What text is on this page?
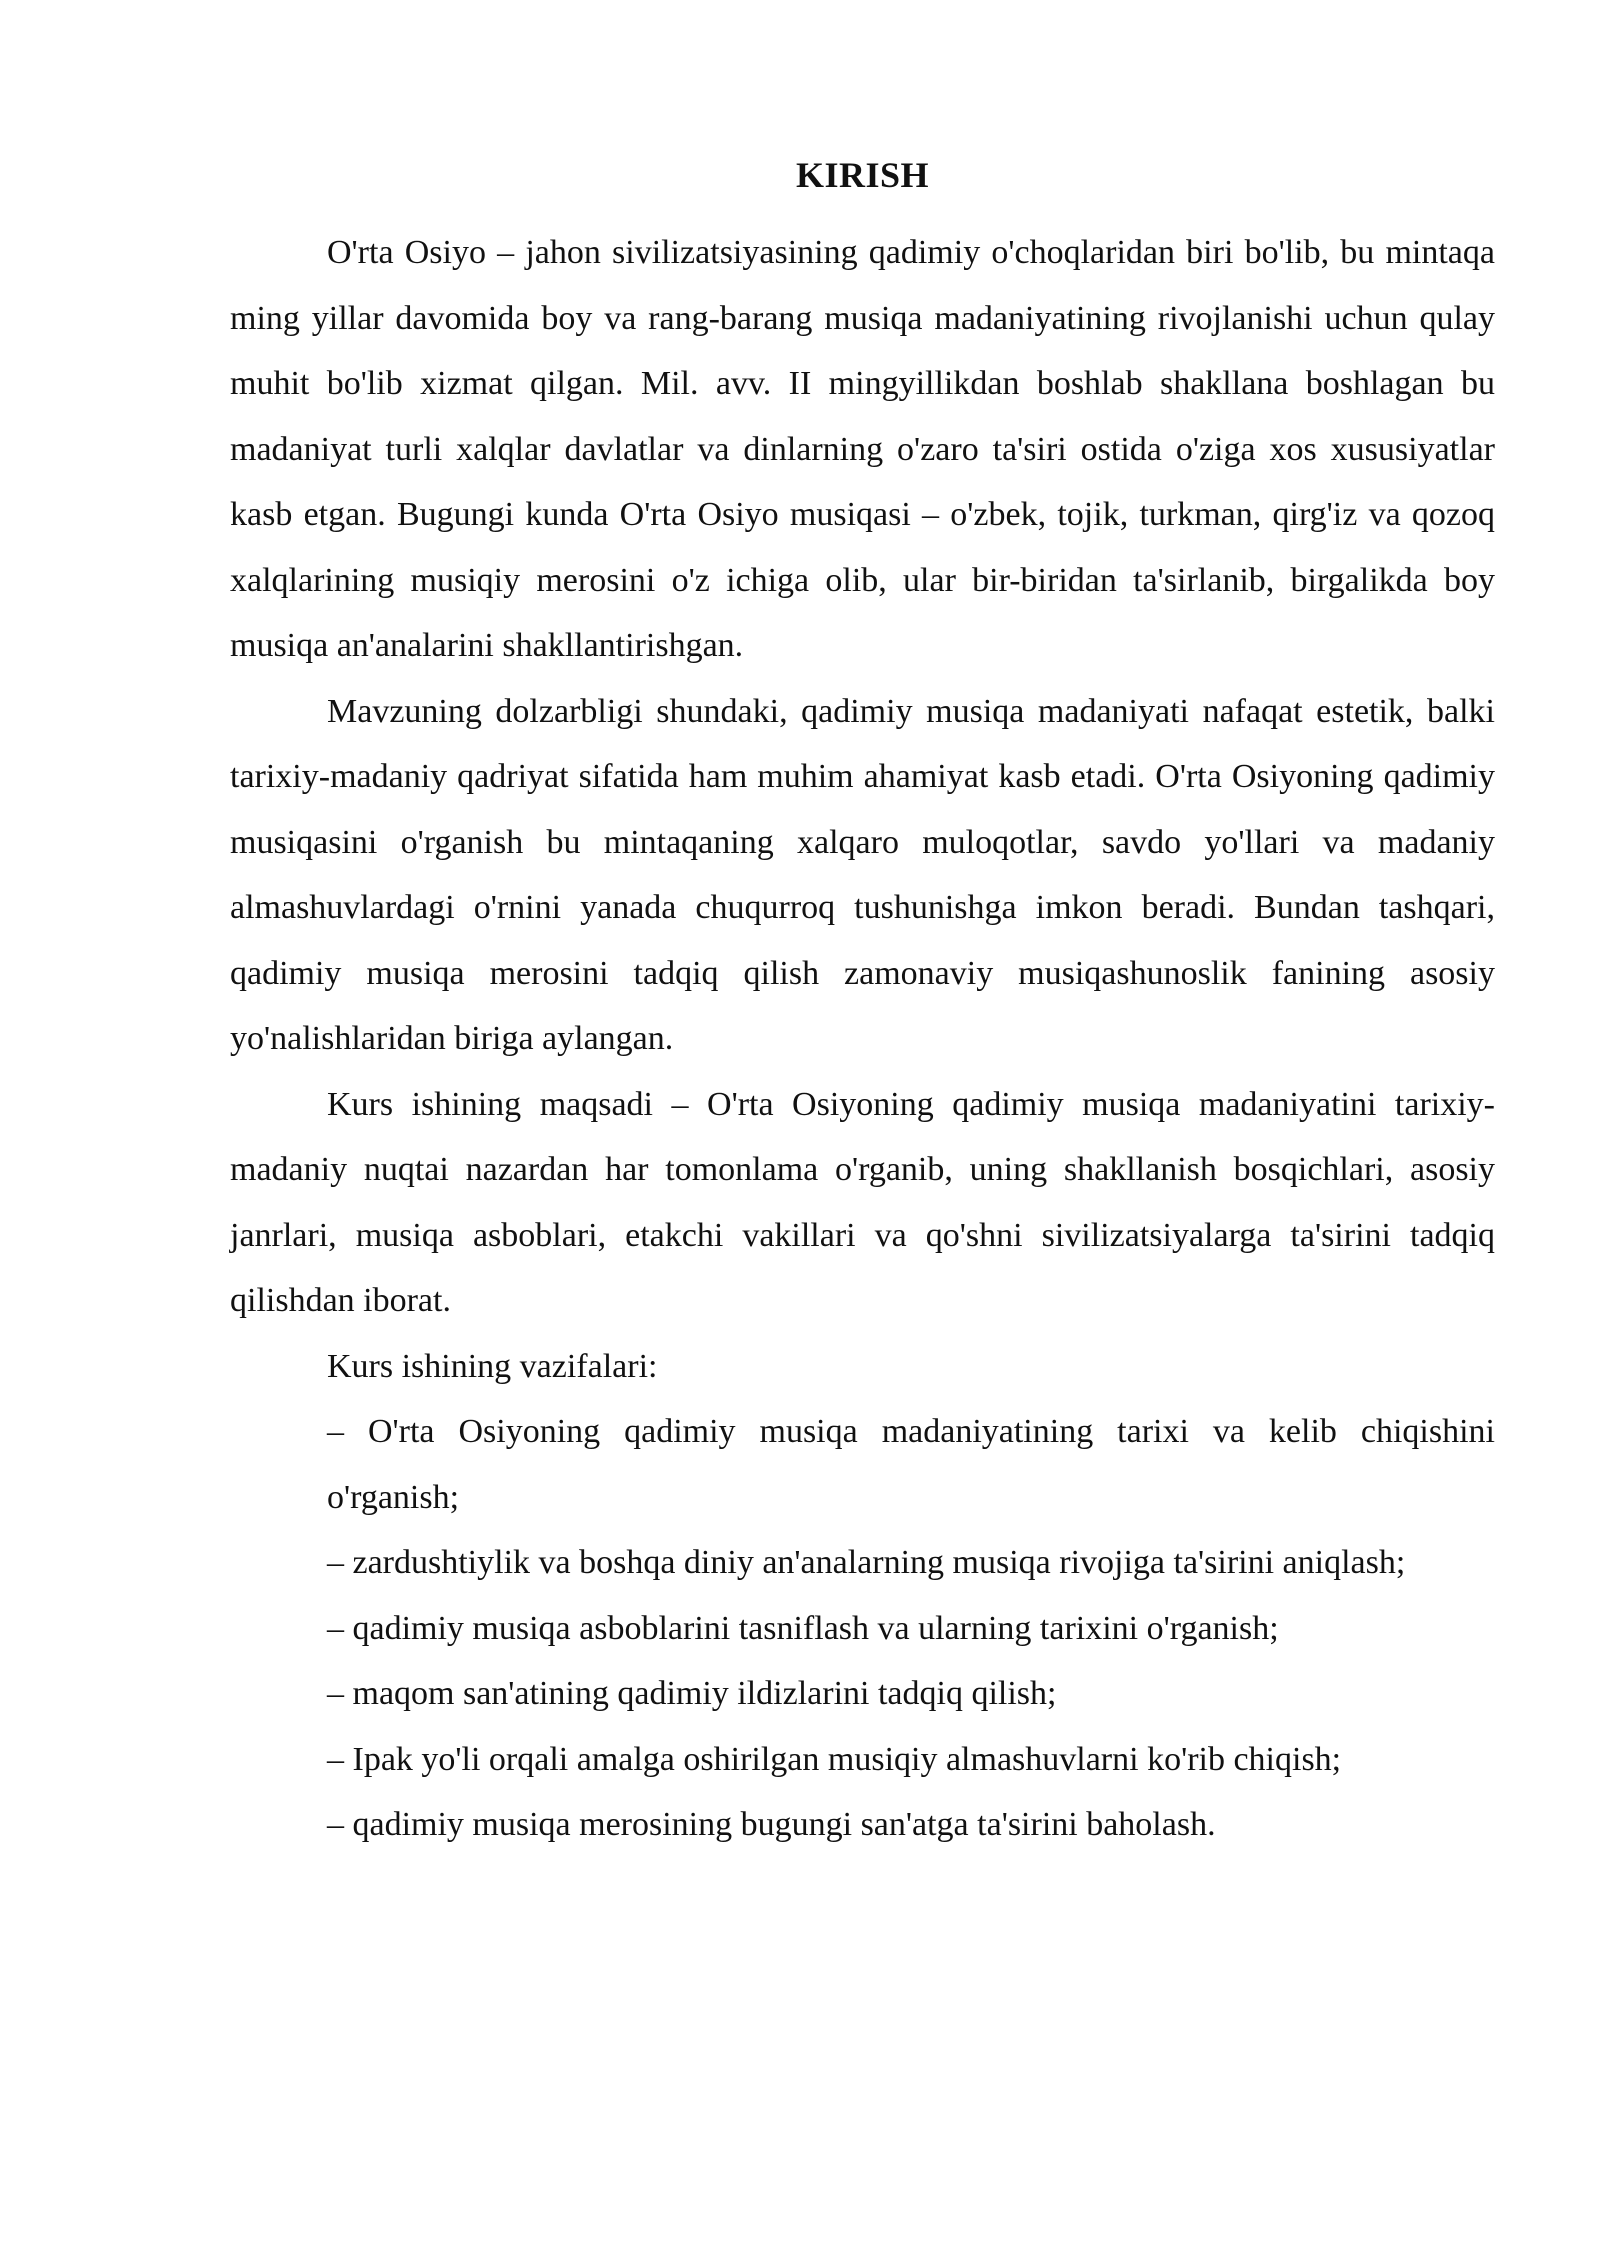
KIRISH

O'rta Osiyo – jahon sivilizatsiyasining qadimiy o'choqlaridan biri bo'lib, bu mintaqa ming yillar davomida boy va rang-barang musiqa madaniyatining rivojlanishi uchun qulay muhit bo'lib xizmat qilgan. Mil. avv. II mingyillikdan boshlab shakllana boshlagan bu madaniyat turli xalqlar davlatlar va dinlarning o'zaro ta'siri ostida o'ziga xos xususiyatlar kasb etgan. Bugungi kunda O'rta Osiyo musiqasi – o'zbek, tojik, turkman, qirg'iz va qozoq xalqlarining musiqiy merosini o'z ichiga olib, ular bir-biridan ta'sirlanib, birgalikda boy musiqa an'analarini shakllantirishgan.

Mavzuning dolzarbligi shundaki, qadimiy musiqa madaniyati nafaqat estetik, balki tarixiy-madaniy qadriyat sifatida ham muhim ahamiyat kasb etadi. O'rta Osiyoning qadimiy musiqasini o'rganish bu mintaqaning xalqaro muloqotlar, savdo yo'llari va madaniy almashuvlardagi o'rnini yanada chuqurroq tushunishga imkon beradi. Bundan tashqari, qadimiy musiqa merosini tadqiq qilish zamonaviy musiqashunoslik fanining asosiy yo'nalishlaridan biriga aylangan.

Kurs ishining maqsadi – O'rta Osiyoning qadimiy musiqa madaniyatini tarixiy-madaniy nuqtai nazardan har tomonlama o'rganib, uning shakllanish bosqichlari, asosiy janrlari, musiqa asboblari, etakchi vakillari va qo'shni sivilizatsiyalarga ta'sirini tadqiq qilishdan iborat.

Kurs ishining vazifalari:

– O'rta Osiyoning qadimiy musiqa madaniyatining tarixi va kelib chiqishini o'rganish;
– zardushtiylik va boshqa diniy an'analarning musiqa rivojiga ta'sirini aniqlash;
– qadimiy musiqa asboblarini tasniflash va ularning tarixini o'rganish;
– maqom san'atining qadimiy ildizlarini tadqiq qilish;
– Ipak yo'li orqali amalga oshirilgan musiqiy almashuvlarni ko'rib chiqish;
– qadimiy musiqa merosining bugungi san'atga ta'sirini baholash.
